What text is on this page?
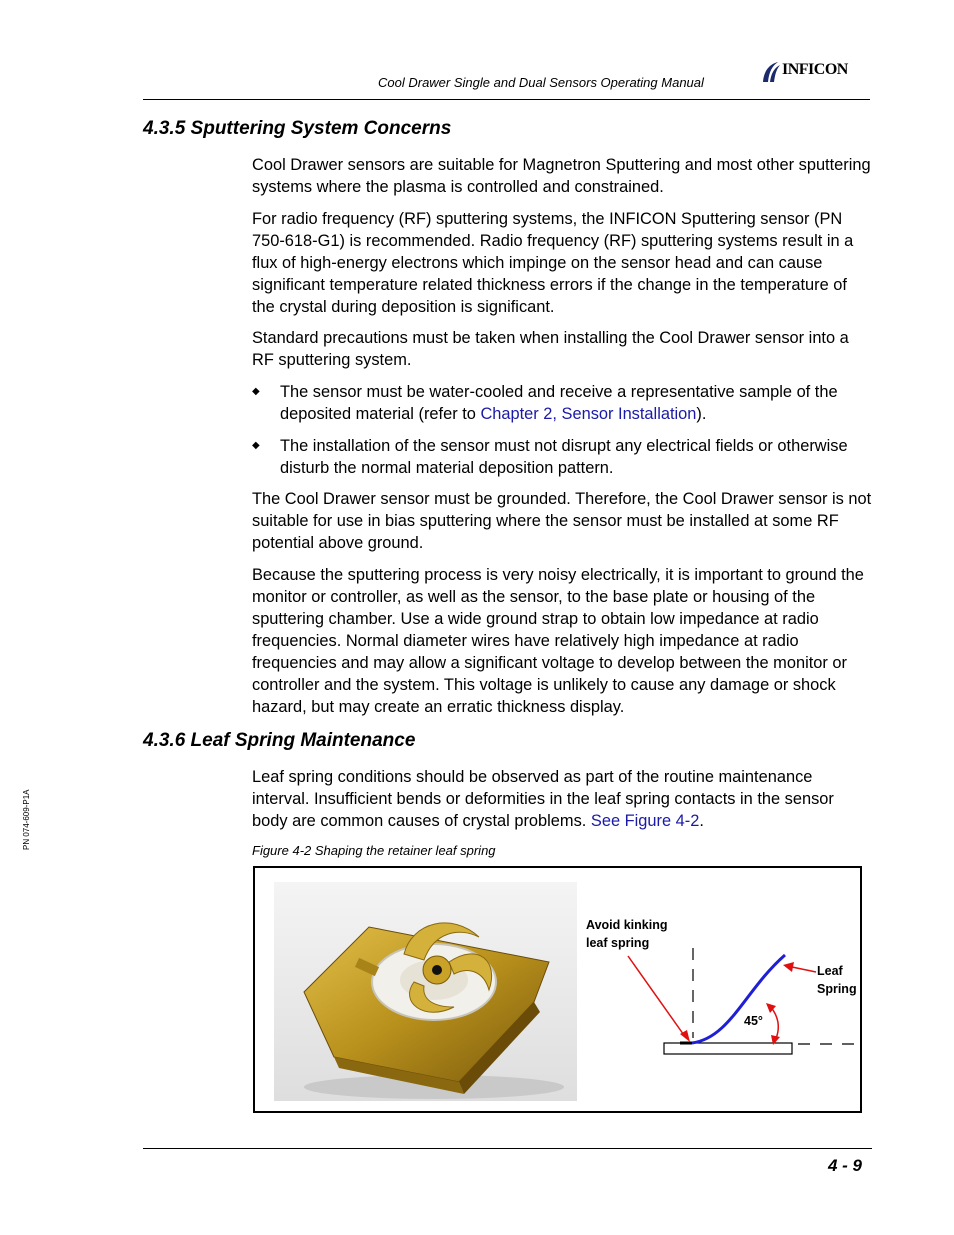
Cool Drawer Single and Dual Sensors Operating Manual
INFICON
PN 074-609-P1A
4.3.5 Sputtering System Concerns

Cool Drawer sensors are suitable for Magnetron Sputtering and most other sputtering systems where the plasma is controlled and constrained.

For radio frequency (RF) sputtering systems, the INFICON Sputtering sensor (PN 750-618-G1) is recommended. Radio frequency (RF) sputtering systems result in a flux of high-energy electrons which impinge on the sensor head and can cause significant temperature related thickness errors if the change in the temperature of the crystal during deposition is significant.

Standard precautions must be taken when installing the Cool Drawer sensor into a RF sputtering system.

◆ The sensor must be water-cooled and receive a representative sample of the deposited material (refer to Chapter 2, Sensor Installation).
◆ The installation of the sensor must not disrupt any electrical fields or otherwise disturb the normal material deposition pattern.

The Cool Drawer sensor must be grounded. Therefore, the Cool Drawer sensor is not suitable for use in bias sputtering where the sensor must be installed at some RF potential above ground.

Because the sputtering process is very noisy electrically, it is important to ground the monitor or controller, as well as the sensor, to the base plate or housing of the sputtering chamber. Use a wide ground strap to obtain low impedance at radio frequencies. Normal diameter wires have relatively high impedance at radio frequencies and may allow a significant voltage to develop between the monitor or controller and the system. This voltage is unlikely to cause any damage or shock hazard, but may create an erratic thickness display.

4.3.6 Leaf Spring Maintenance

Leaf spring conditions should be observed as part of the routine maintenance interval. Insufficient bends or deformities in the leaf spring contacts in the sensor body are common causes of crystal problems. See Figure 4-2.

Figure 4-2 Shaping the retainer leaf spring
Avoid kinking
leaf spring
Leaf
Spring
45°
4 - 9
